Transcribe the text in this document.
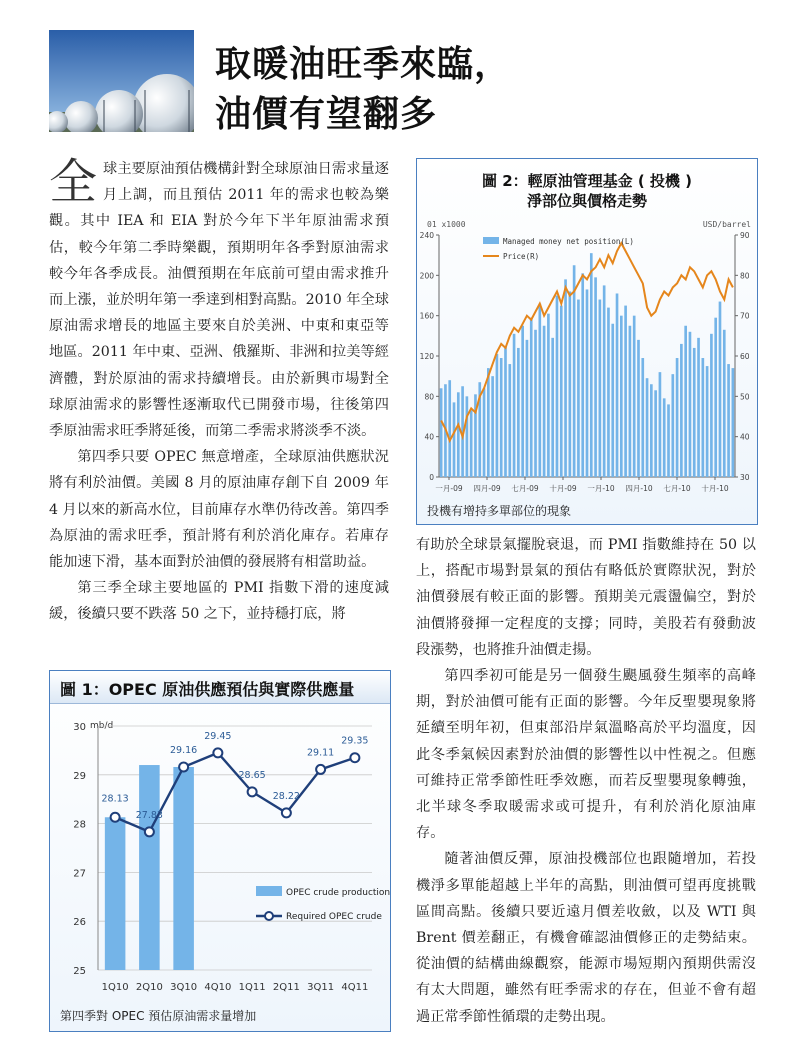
取暖油旺季來臨，
油價有望翻多

全球主要原油預估機構針對全球原油日需求量逐月上調，而且預估 2011 年的需求也較為樂觀。其中 IEA 和 EIA 對於今年下半年原油需求預估，較今年第二季時樂觀，預期明年各季對原油需求較今年各季成長。油價預期在年底前可望由需求推升而上漲，並於明年第一季達到相對高點。2010 年全球原油需求增長的地區主要來自於美洲、中東和東亞等地區。2011 年中東、亞洲、俄羅斯、非洲和拉美等經濟體，對於原油的需求持續增長。由於新興市場對全球原油需求的影響性逐漸取代已開發市場，往後第四季原油需求旺季將延後，而第二季需求將淡季不淡。

第四季只要 OPEC 無意增產，全球原油供應狀況將有利於油價。美國 8 月的原油庫存創下自 2009 年 4 月以來的新高水位，目前庫存水準仍待改善。第四季為原油的需求旺季，預計將有利於消化庫存。若庫存能加速下滑，基本面對於油價的發展將有相當助益。

第三季全球主要地區的 PMI 指數下滑的速度減緩，後續只要不跌落 50 之下，並持穩打底，將

有助於全球景氣擺脫衰退，而 PMI 指數維持在 50 以上，搭配市場對景氣的預估有略低於實際狀況，對於油價發展有較正面的影響。預期美元震盪偏空，對於油價將發揮一定程度的支撐；同時，美股若有發動波段漲勢，也將推升油價走揚。

第四季初可能是另一個發生颶風發生頻率的高峰期，對於油價可能有正面的影響。今年反聖嬰現象將延續至明年初，但東部沿岸氣溫略高於平均溫度，因此冬季氣候因素對於油價的影響性以中性視之。但應可維持正常季節性旺季效應，而若反聖嬰現象轉強，北半球冬季取暖需求或可提升，有利於消化原油庫存。

隨著油價反彈，原油投機部位也跟隨增加，若投機淨多單能超越上半年的高點，則油價可望再度挑戰區間高點。後續只要近遠月價差收斂，以及 WTI 與 Brent 價差翻正，有機會確認油價修正的走勢結束。從油價的結構曲線觀察，能源市場短期內預期供需沒有太大問題，雖然有旺季需求的存在，但並不會有超過正常季節性循環的走勢出現。

圖 1：OPEC 原油供應預估與實際供應量
mb/d
25
26
27
28
29
30
28.13
27.83
29.16
29.45
28.65
28.22
29.11
29.35
1Q10 2Q10 3Q10 4Q10 1Q11 2Q11 3Q11 4Q11
OPEC crude production
Required OPEC crude
第四季對 OPEC 預估原油需求量增加
圖 2：輕原油管理基金 ( 投機 )
淨部位與價格走勢
01 x1000	USD/barrel
0
40
80
120
160
200
240
30
40
50
60
70
80
90
一月-09 四月-09 七月-09 十月-09 一月-10 四月-10 七月-10 十月-10
Managed money net position(L)
Price(R)
投機有增持多單部位的現象
